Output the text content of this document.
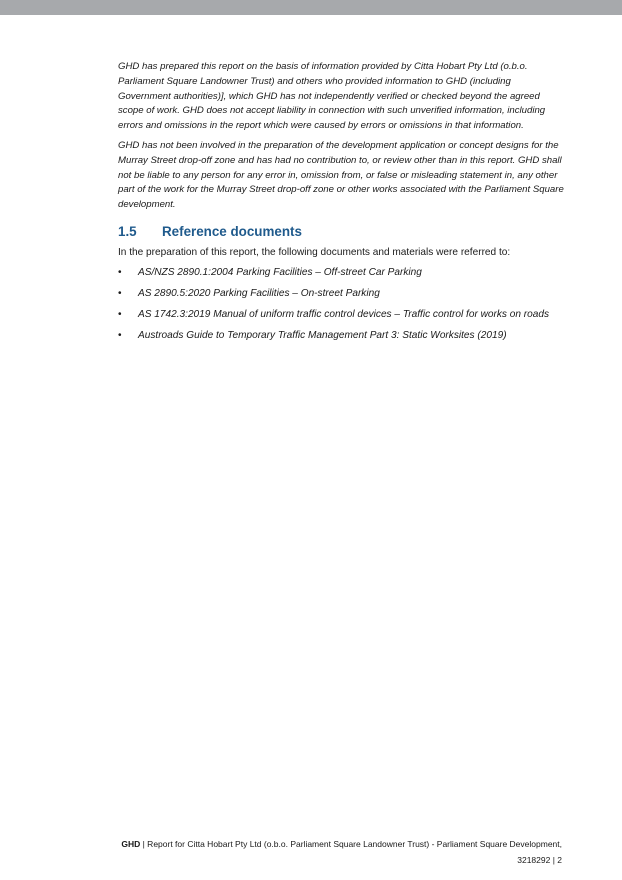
GHD has prepared this report on the basis of information provided by Citta Hobart Pty Ltd (o.b.o. Parliament Square Landowner Trust) and others who provided information to GHD (including Government authorities)], which GHD has not independently verified or checked beyond the agreed scope of work. GHD does not accept liability in connection with such unverified information, including errors and omissions in the report which were caused by errors or omissions in that information.

GHD has not been involved in the preparation of the development application or concept designs for the Murray Street drop-off zone and has had no contribution to, or review other than in this report. GHD shall not be liable to any person for any error in, omission from, or false or misleading statement in, any other part of the work for the Murray Street drop-off zone or other works associated with the Parliament Square development.

1.5	Reference documents

In the preparation of this report, the following documents and materials were referred to:

• AS/NZS 2890.1:2004 Parking Facilities – Off-street Car Parking
• AS 2890.5:2020 Parking Facilities – On-street Parking
• AS 1742.3:2019 Manual of uniform traffic control devices – Traffic control for works on roads
• Austroads Guide to Temporary Traffic Management Part 3: Static Worksites (2019)
GHD | Report for Citta Hobart Pty Ltd (o.b.o. Parliament Square Landowner Trust) - Parliament Square Development,
3218292 | 2
